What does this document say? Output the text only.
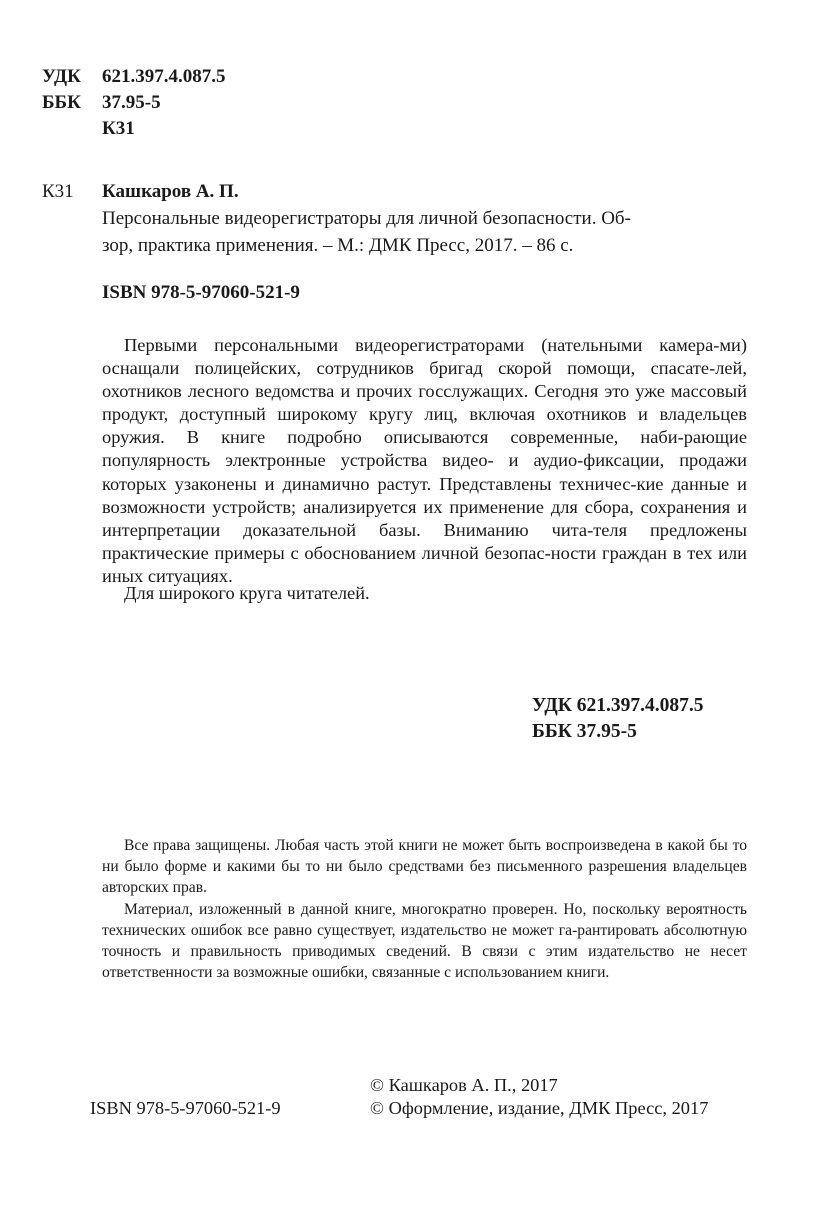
УДК	621.397.4.087.5
ББК	37.95-5
К31
К31 Кашкаров А. П.
Персональные видеорегистраторы для личной безопасности. Об-
зор, практика применения. – М.: ДМК Пресс, 2017. – 86 с.
ISBN 978-5-97060-521-9

Первыми персональными видеорегистраторами (нательными камера-ми) оснащали полицейских, сотрудников бригад скорой помощи, спасате-лей, охотников лесного ведомства и прочих госслужащих. Сегодня это уже массовый продукт, доступный широкому кругу лиц, включая охотников и владельцев оружия. В книге подробно описываются современные, наби-рающие популярность электронные устройства видео- и аудио-фиксации, продажи которых узаконены и динамично растут. Представлены техничес-кие данные и возможности устройств; анализируется их применение для сбора, сохранения и интерпретации доказательной базы. Вниманию чита-теля предложены практические примеры с обоснованием личной безопас-ности граждан в тех или иных ситуациях.

Для широкого круга читателей.

УДК 621.397.4.087.5
ББК 37.95-5

Все права защищены. Любая часть этой книги не может быть воспроизведена в какой бы то ни было форме и какими бы то ни было средствами без письменного разрешения владельцев авторских прав.

Материал, изложенный в данной книге, многократно проверен. Но, поскольку вероятность технических ошибок все равно существует, издательство не может га-рантировать абсолютную точность и правильность приводимых сведений. В связи с этим издательство не несет ответственности за возможные ошибки, связанные с использованием книги.

ISBN 978-5-97060-521-9
© Кашкаров А. П., 2017
© Оформление, издание, ДМК Пресс, 2017
